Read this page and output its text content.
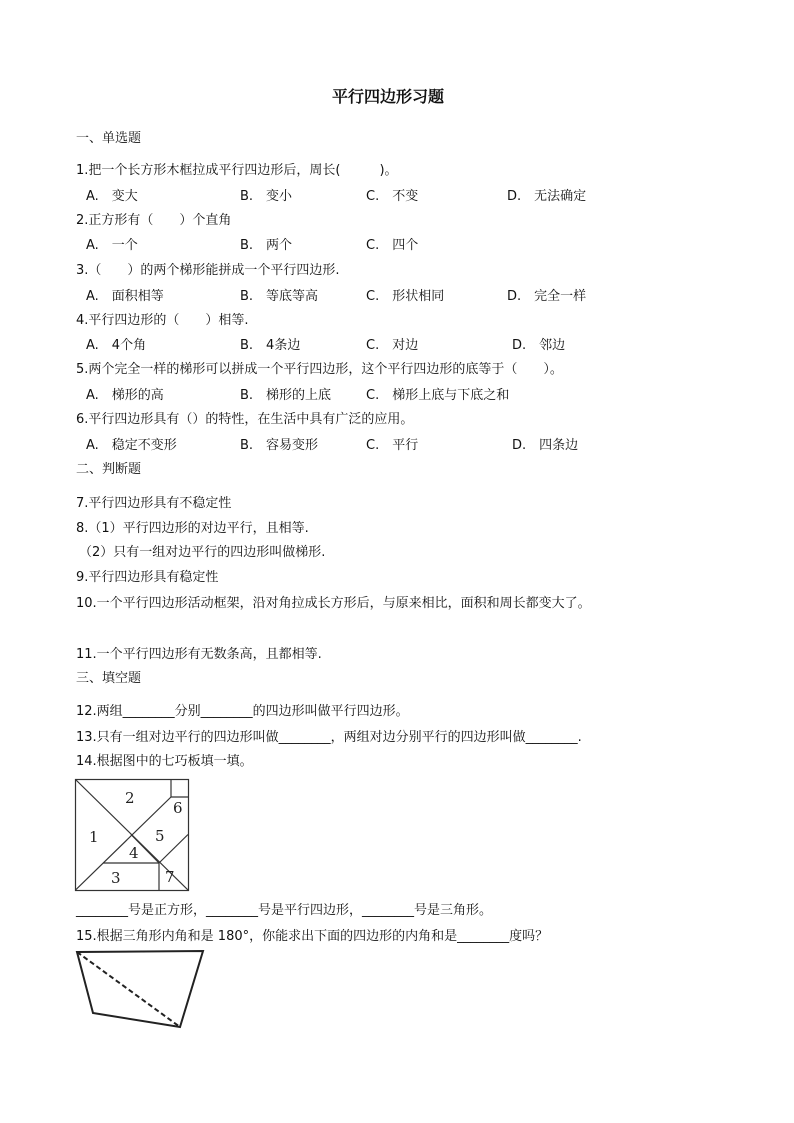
平行四边形习题
一、单选题
1.把一个长方形木框拉成平行四边形后，周长(　　　)。
A.　变大	B.　变小	C.　不变	D.　无法确定
2.正方形有（　　）个直角
A.　一个	B.　两个	C.　四个
3.（　　）的两个梯形能拼成一个平行四边形.
A.　面积相等	B.　等底等高	C.　形状相同	D.　完全一样
4.平行四边形的（　　）相等.
A.　4个角	B.　4条边	C.　对边	D.　邻边
5.两个完全一样的梯形可以拼成一个平行四边形，这个平行四边形的底等于（　　）。
A.　梯形的高	B.　梯形的上底	C.　梯形上底与下底之和
6.平行四边形具有（）的特性，在生活中具有广泛的应用。
A.　稳定不变形	B.　容易变形	C.　平行	D.　四条边
二、判断题
7.平行四边形具有不稳定性
8.（1）平行四边形的对边平行，且相等.
（2）只有一组对边平行的四边形叫做梯形.
9.平行四边形具有稳定性
10.一个平行四边形活动框架，沿对角拉成长方形后，与原来相比，面积和周长都变大了。
11.一个平行四边形有无数条高，且都相等.
三、填空题
12.两组________分别________的四边形叫做平行四边形。
13.只有一组对边平行的四边形叫做________，两组对边分别平行的四边形叫做________.
14.根据图中的七巧板填一填。
1
2
3
4
5
6
7
________号是正方形，________号是平行四边形，________号是三角形。
15.根据三角形内角和是 180°，你能求出下面的四边形的内角和是________度吗？
